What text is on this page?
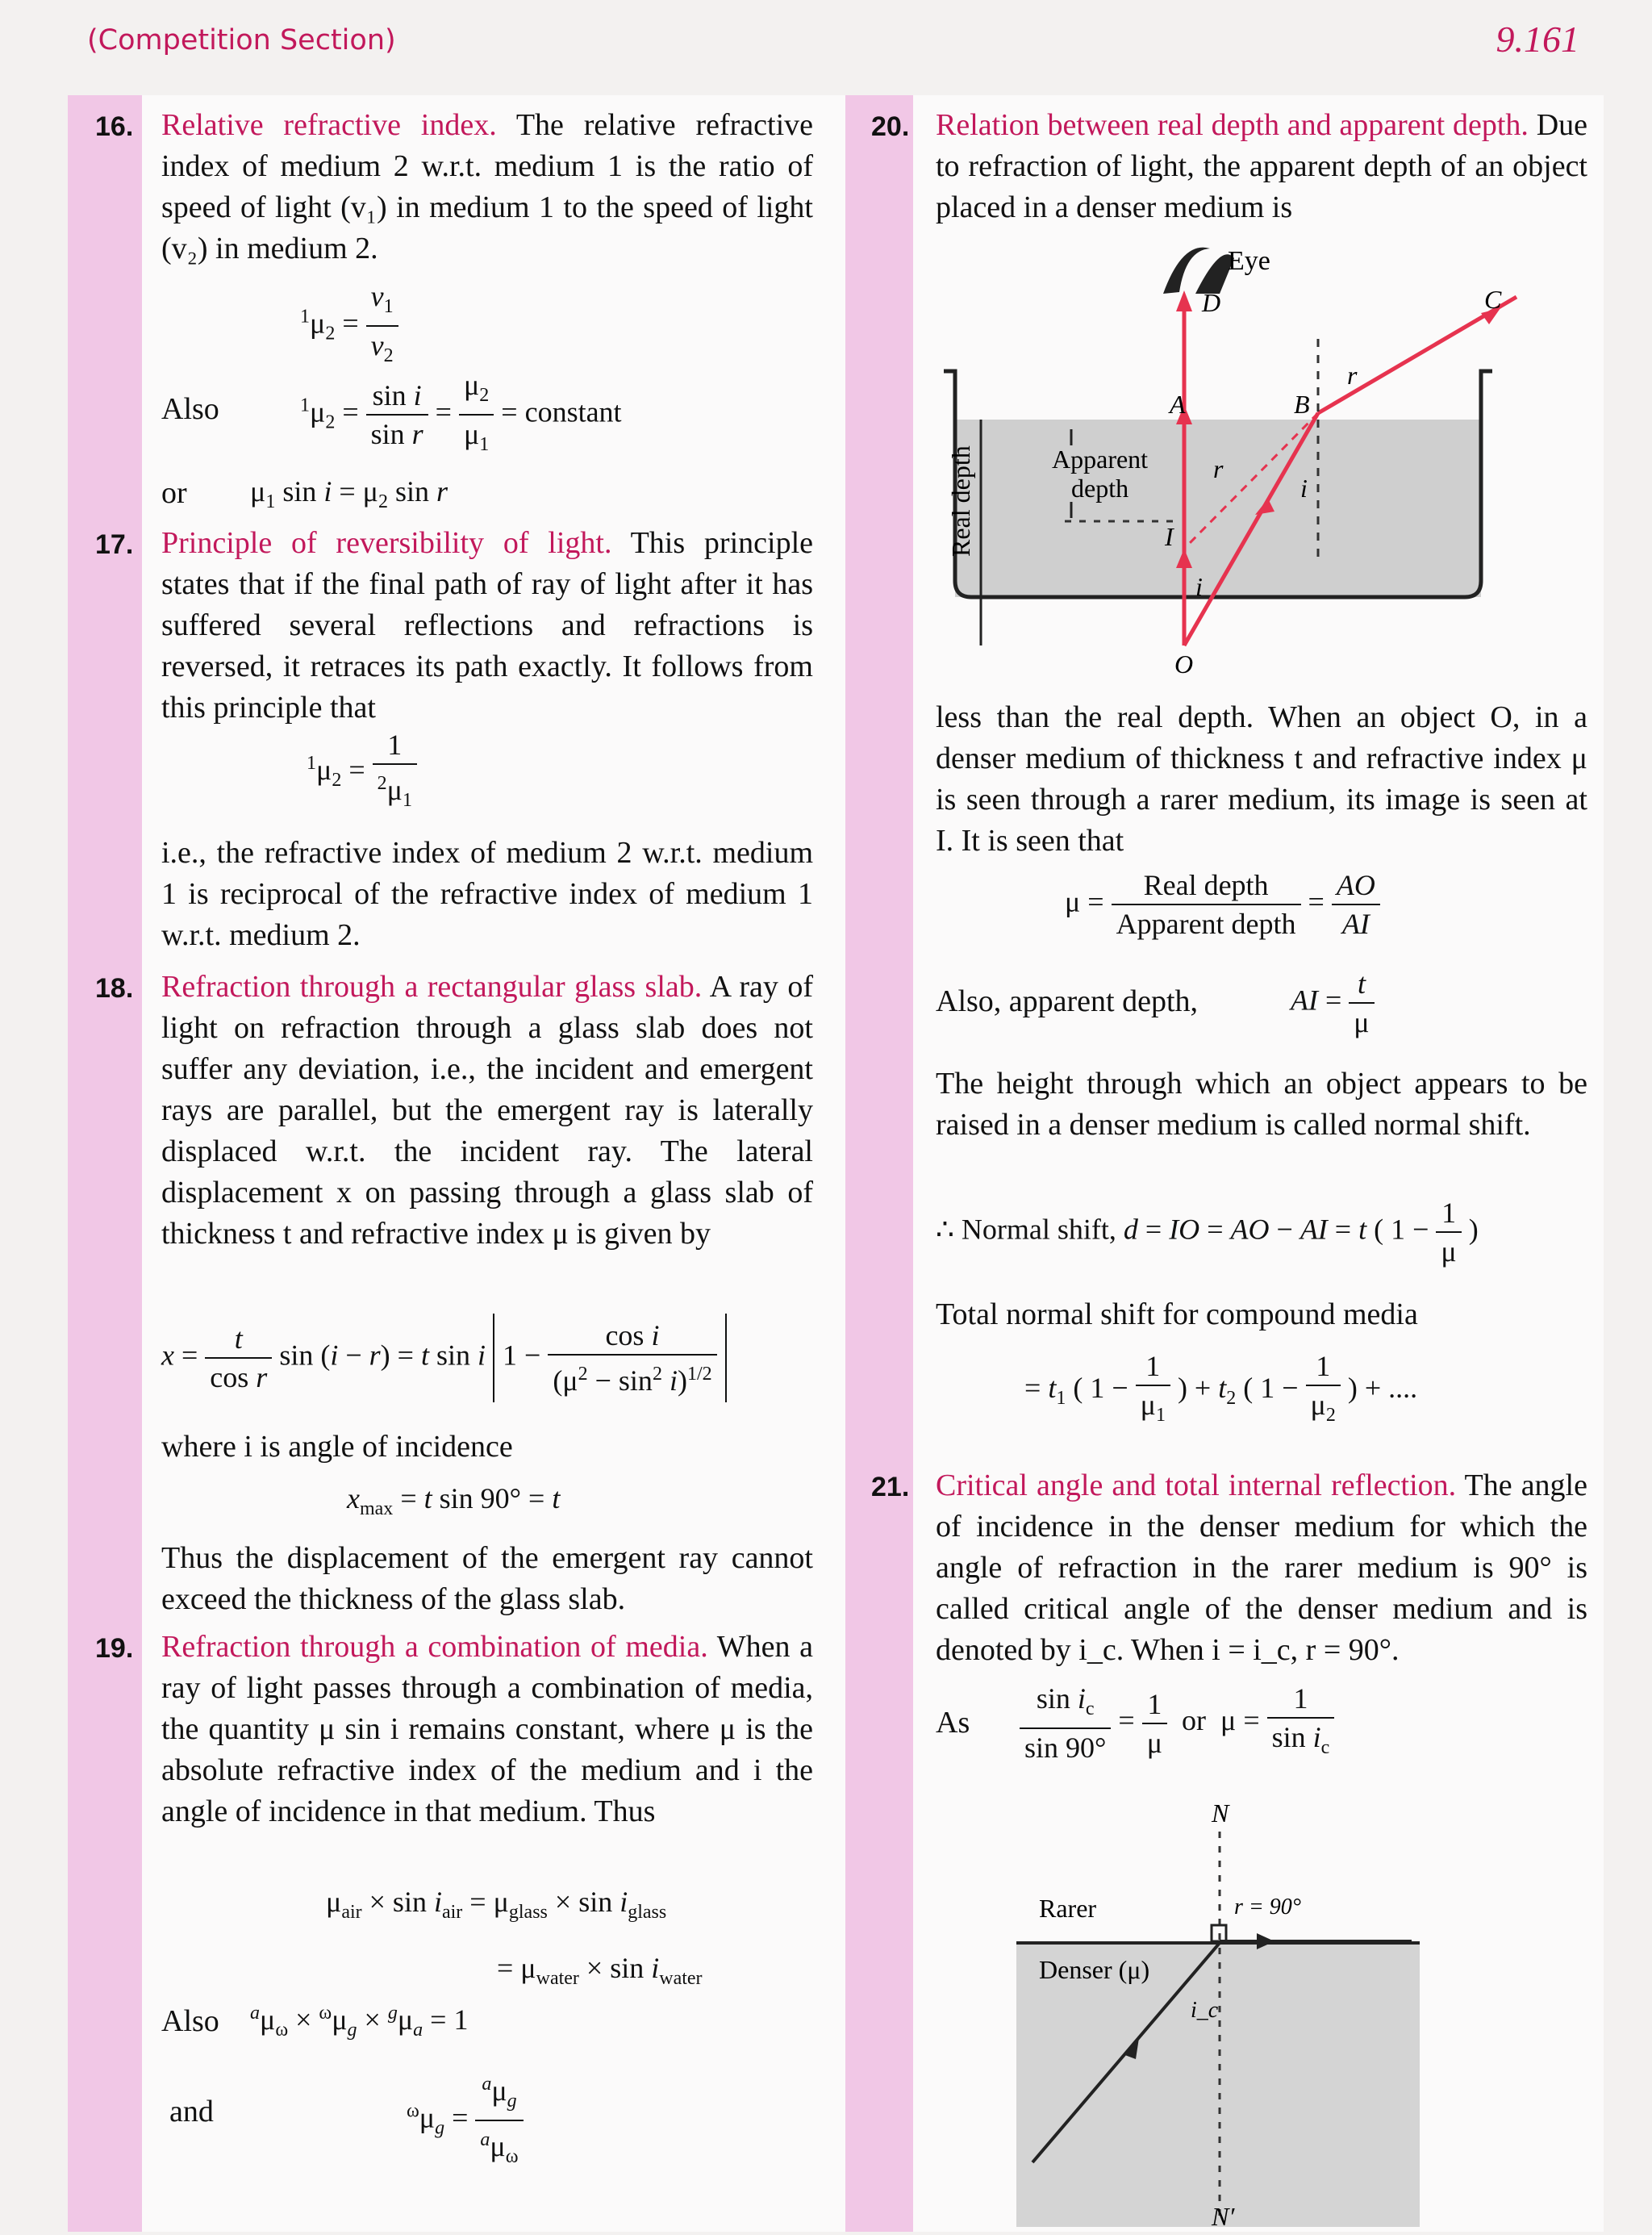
(Competition Section)	9.161
16. Relative refractive index. The relative refractive index of medium 2 w.r.t. medium 1 is the ratio of speed of light (v₁) in medium 1 to the speed of light (v₂) in medium 2.
$^1\mu_2 = \frac{v_1}{v_2}$
Also	$^1\mu_2 = \frac{\text{sin i}}{\text{sin r}} = \frac{\mu_2}{\mu_1}$ = constant
or $\mu_1$ $\sin i = \mu_2$ sin r
17. Principle of reversibility of light. This principle states that if the final path of ray of light after it has suffered several reflections and refractions is reversed, it retraces its path exactly. It follows from this principle that
$^1\mu_2 = \frac{1}{^2\mu_1}$
i.e., the refractive index of medium 2 w.r.t. medium 1 is reciprocal of the refractive index of medium 1 w.r.t. medium 2.
18. Refraction through a rectangular glass slab. A ray of light on refraction through a glass slab does not suffer any deviation, i.e., the incident and emergent rays are parallel, but the emergent ray is laterally displaced w.r.t. the incident ray. The lateral displacement x on passing through a glass slab of thickness t and refractive index μ is given by
$x = \frac{t}{\text{cos r}}$ sin (i − r) = t sin i $1 - \frac{\text{cos i}}{(\mu^2 - \sin^2 i)^{1/2}}$
where i is angle of incidence
$x_{max} = t$ sin 90° = t
Thus the displacement of the emergent ray cannot exceed the thickness of the glass slab.
19. Refraction through a combination of media. When a ray of light passes through a combination of media, the quantity μ sin i remains constant, where μ is the absolute refractive index of the medium and i the angle of incidence in that medium. Thus
$\mu_{air} \times \sin i_{air} = \mu_{glass} \times \sin i_{glass}$
= $\mu_{water} \times \sin i_{water}$
Also $^a\mu_\omega \times ^\omega\mu_g \times ^g\mu_a = 1$
and	$^\omega\mu_g = \frac{^a\mu_g}{^a\mu_\omega}$
20. Relation between real depth and apparent depth. Due to refraction of light, the apparent depth of an object placed in a denser medium is
Real depth	Apparent
depth
Eye
D	C
A	B
r
r
i
i
I
O
less than the real depth. When an object O, in a denser medium of thickness t and refractive index μ is seen through a rarer medium, its image is seen at I. It is seen that
$\mu = \frac{\text{Real depth}}{\text{Apparent depth}} = \frac{AO}{AI}$
Also, apparent depth,	AI = $\frac{t}{\mu}$
The height through which an object appears to be raised in a denser medium is called normal shift.
∴ Normal shift, d = IO = AO − AI = t ( $1 - \frac{1}{\mu}$ )
Total normal shift for compound media
= $t_1$ ( $1 - \frac{1}{\mu_1}$ ) + $t_2$ ( $1 - \frac{1}{\mu_2}$ ) + ....
21. Critical angle and total internal reflection. The angle of incidence in the denser medium for which the angle of refraction in the rarer medium is 90° is called critical angle of the denser medium and is denoted by i_c. When i = i_c, r = 90°.
As $\frac{\sin i_c}{\sin 90^\circ} = \frac{1}{\mu}$ or  $\mu = \frac{1}{\sin i_c}$
N
N′
Rarer
Denser (μ)
r = 90°
i_c
